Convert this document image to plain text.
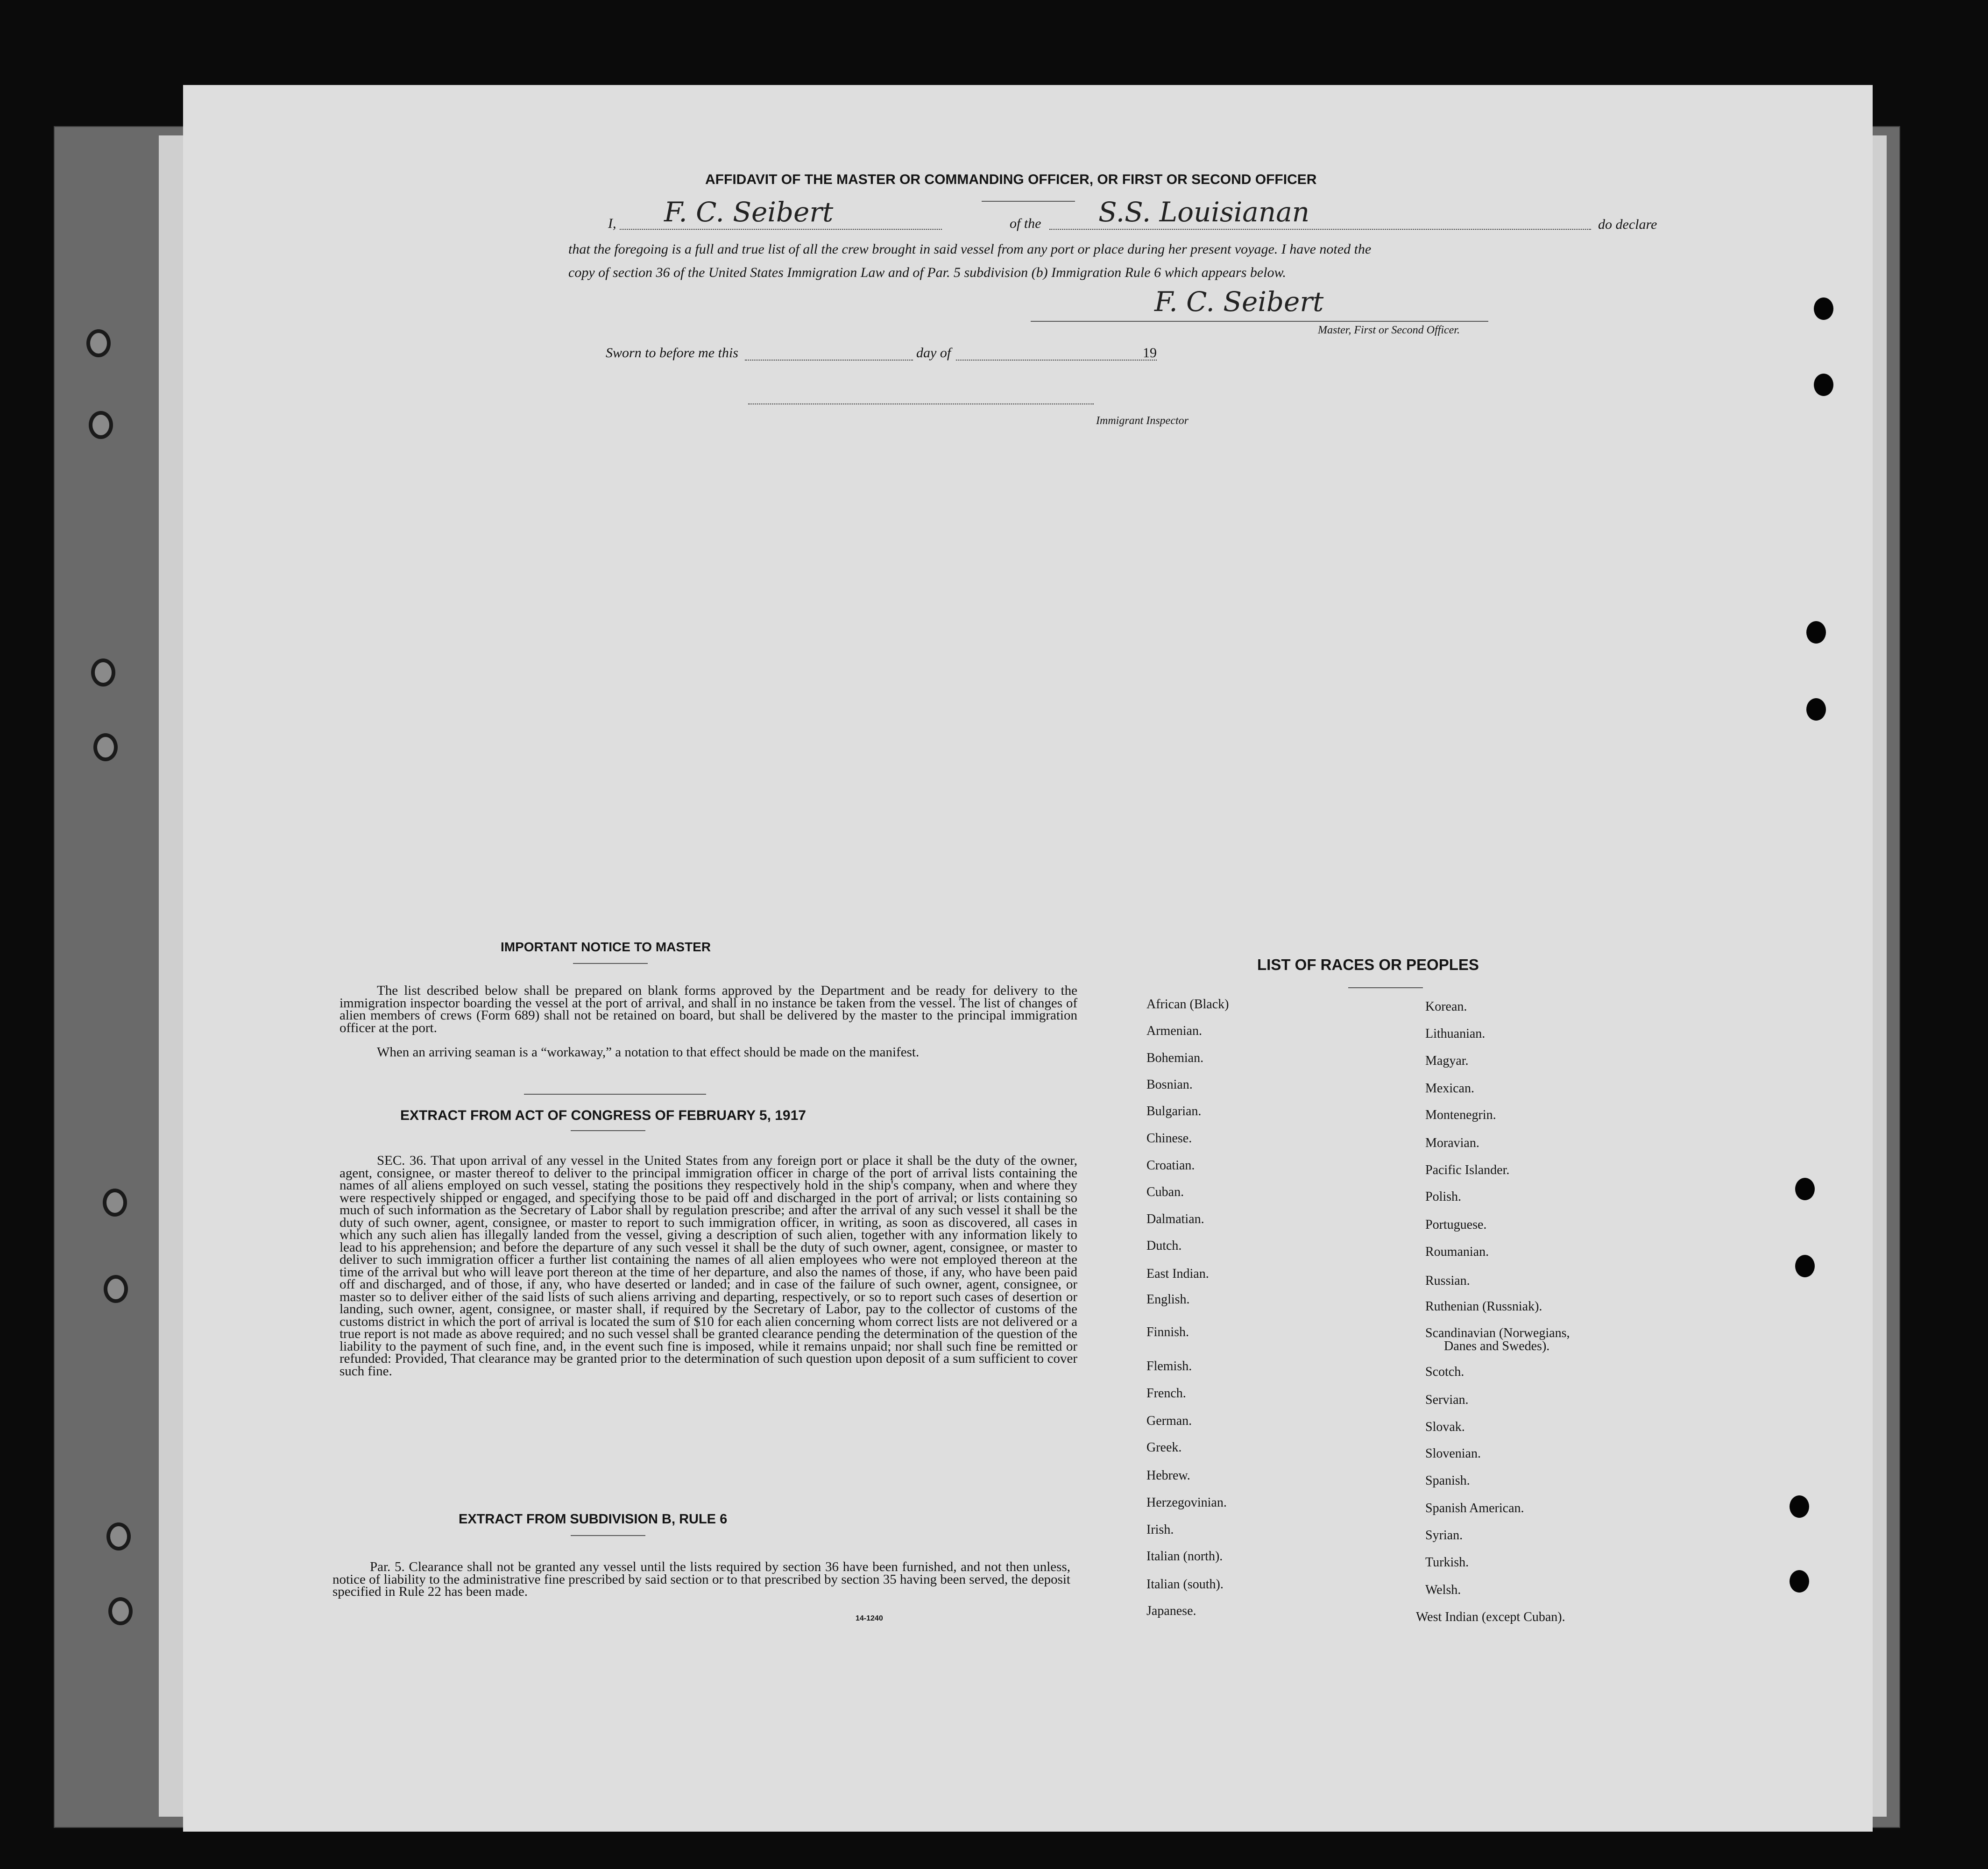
AFFIDAVIT OF THE MASTER OR COMMANDING OFFICER, OR FIRST OR SECOND OFFICER
I, F. C. Seibert	of the S.S. Louisianan	do declare
that the foregoing is a full and true list of all the crew brought in said vessel from any port or place during her present voyage. I have noted the
copy of section 36 of the United States Immigration Law and of Par. 5 subdivision (b) Immigration Rule 6 which appears below.
F. C. Seibert
Master, First or Second Officer.
Sworn to before me this	day of	19
Immigrant Inspector
IMPORTANT NOTICE TO MASTER
The list described below shall be prepared on blank forms approved by the Department and be ready for delivery to the immigration inspector boarding the vessel at the port of arrival, and shall in no instance be taken from the vessel. The list of changes of alien members of crews (Form 689) shall not be retained on board, but shall be delivered by the master to the principal immigration officer at the port.
When an arriving seaman is a “workaway,” a notation to that effect should be made on the manifest.
EXTRACT FROM ACT OF CONGRESS OF FEBRUARY 5, 1917
SEC. 36. That upon arrival of any vessel in the United States from any foreign port or place it shall be the duty of the owner, agent, consignee, or master thereof to deliver to the principal immigration officer in charge of the port of arrival lists containing the names of all aliens employed on such vessel, stating the positions they respectively hold in the ship's company, when and where they were respectively shipped or engaged, and specifying those to be paid off and discharged in the port of arrival; or lists containing so much of such information as the Secretary of Labor shall by regulation prescribe; and after the arrival of any such vessel it shall be the duty of such owner, agent, consignee, or master to report to such immigration officer, in writing, as soon as discovered, all cases in which any such alien has illegally landed from the vessel, giving a description of such alien, together with any information likely to lead to his apprehension; and before the departure of any such vessel it shall be the duty of such owner, agent, consignee, or master to deliver to such immigration officer a further list containing the names of all alien employees who were not employed thereon at the time of the arrival but who will leave port thereon at the time of her departure, and also the names of those, if any, who have been paid off and discharged, and of those, if any, who have deserted or landed; and in case of the failure of such owner, agent, consignee, or master so to deliver either of the said lists of such aliens arriving and departing, respectively, or so to report such cases of desertion or landing, such owner, agent, consignee, or master shall, if required by the Secretary of Labor, pay to the collector of customs of the customs district in which the port of arrival is located the sum of $10 for each alien concerning whom correct lists are not delivered or a true report is not made as above required; and no such vessel shall be granted clearance pending the determination of the question of the liability to the payment of such fine, and, in the event such fine is imposed, while it remains unpaid; nor shall such fine be remitted or refunded: Provided, That clearance may be granted prior to the determination of such question upon deposit of a sum sufficient to cover such fine.
EXTRACT FROM SUBDIVISION B, RULE 6
Par. 5. Clearance shall not be granted any vessel until the lists required by section 36 have been furnished, and not then unless, notice of liability to the administrative fine prescribed by said section or to that prescribed by section 35 having been served, the deposit specified in Rule 22 has been made.
14-1240
LIST OF RACES OR PEOPLES
African (Black)
Armenian.
Bohemian.
Bosnian.
Bulgarian.
Chinese.
Croatian.
Cuban.
Dalmatian.
Dutch.
East Indian.
English.
Finnish.
Flemish.
French.
German.
Greek.
Hebrew.
Herzegovinian.
Irish.
Italian (north).
Italian (south).
Japanese.
Korean.
Lithuanian.
Magyar.
Mexican.
Montenegrin.
Moravian.
Pacific Islander.
Polish.
Portuguese.
Roumanian.
Russian.
Ruthenian (Russniak).
Scandinavian (Norwegians,
Danes and Swedes).
Scotch.
Servian.
Slovak.
Slovenian.
Spanish.
Spanish American.
Syrian.
Turkish.
Welsh.
West Indian (except Cuban).
